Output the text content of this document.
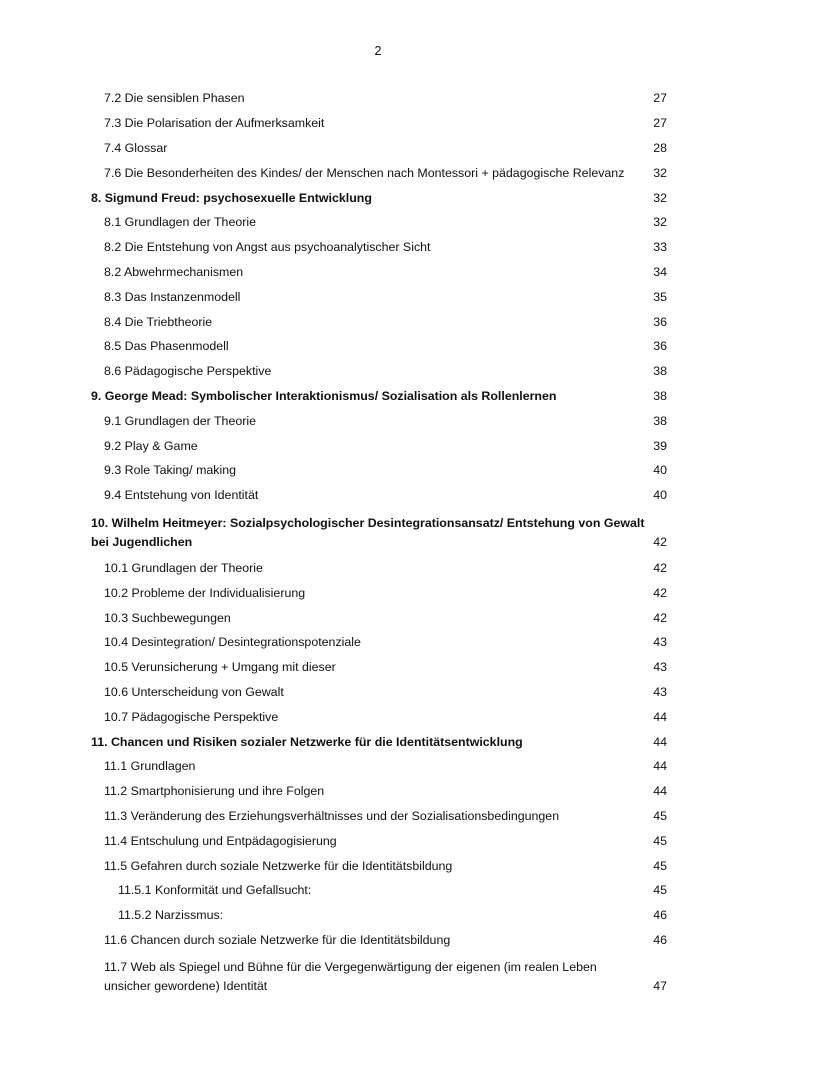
2
7.2 Die sensiblen Phasen	27
7.3 Die Polarisation der Aufmerksamkeit	27
7.4 Glossar	28
7.6 Die Besonderheiten des Kindes/ der Menschen nach Montessori + pädagogische Relevanz	32
8. Sigmund Freud: psychosexuelle Entwicklung	32
8.1 Grundlagen der Theorie	32
8.2 Die Entstehung von Angst aus psychoanalytischer Sicht	33
8.2 Abwehrmechanismen	34
8.3 Das Instanzenmodell	35
8.4 Die Triebtheorie	36
8.5 Das Phasenmodell	36
8.6 Pädagogische Perspektive	38
9. George Mead: Symbolischer Interaktionismus/ Sozialisation als Rollenlernen	38
9.1 Grundlagen der Theorie	38
9.2 Play & Game	39
9.3 Role Taking/ making	40
9.4 Entstehung von Identität	40
10. Wilhelm Heitmeyer: Sozialpsychologischer Desintegrationsansatz/ Entstehung von Gewalt bei Jugendlichen	42
10.1 Grundlagen der Theorie	42
10.2 Probleme der Individualisierung	42
10.3 Suchbewegungen	42
10.4 Desintegration/ Desintegrationspotenziale	43
10.5 Verunsicherung + Umgang mit dieser	43
10.6 Unterscheidung von Gewalt	43
10.7 Pädagogische Perspektive	44
11. Chancen und Risiken sozialer Netzwerke für die Identitätsentwicklung	44
11.1 Grundlagen	44
11.2 Smartphonisierung und ihre Folgen	44
11.3 Veränderung des Erziehungsverhältnisses und der Sozialisationsbedingungen	45
11.4 Entschulung und Entpädagogisierung	45
11.5 Gefahren durch soziale Netzwerke für die Identitätsbildung	45
11.5.1 Konformität und Gefallsucht:	45
11.5.2 Narzissmus:	46
11.6 Chancen durch soziale Netzwerke für die Identitätsbildung	46
11.7 Web als Spiegel und Bühne für die Vergegenwärtigung der eigenen (im realen Leben unsicher gewordene) Identität	47
